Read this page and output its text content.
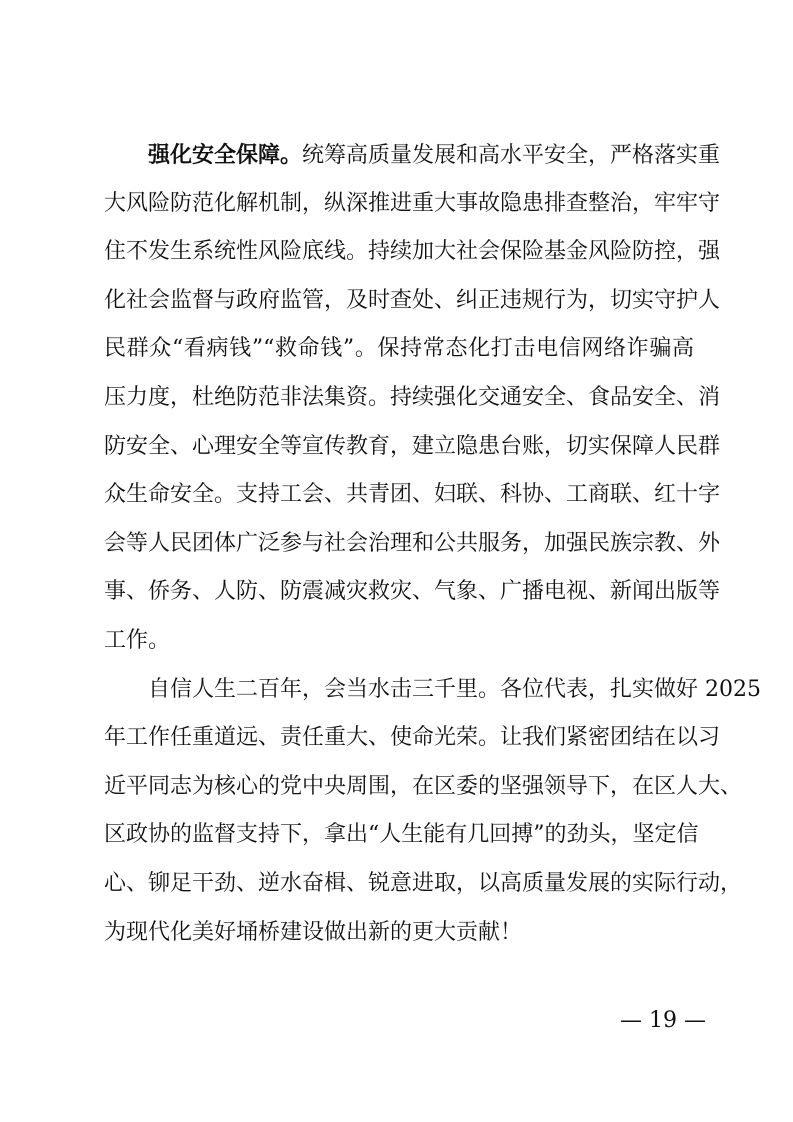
强化安全保障。统筹高质量发展和高水平安全，严格落实重
大风险防范化解机制，纵深推进重大事故隐患排查整治，牢牢守
住不发生系统性风险底线。持续加大社会保险基金风险防控，强
化社会监督与政府监管，及时查处、纠正违规行为，切实守护人
民群众“看病钱”“救命钱”。保持常态化打击电信网络诈骗高
压力度，杜绝防范非法集资。持续强化交通安全、食品安全、消
防安全、心理安全等宣传教育，建立隐患台账，切实保障人民群
众生命安全。支持工会、共青团、妇联、科协、工商联、红十字
会等人民团体广泛参与社会治理和公共服务，加强民族宗教、外
事、侨务、人防、防震减灾救灾、气象、广播电视、新闻出版等
工作。
自信人生二百年，会当水击三千里。各位代表，扎实做好 2025
年工作任重道远、责任重大、使命光荣。让我们紧密团结在以习
近平同志为核心的党中央周围，在区委的坚强领导下，在区人大、
区政协的监督支持下，拿出“人生能有几回搏”的劲头，坚定信
心、铆足干劲、逆水奋楫、锐意进取，以高质量发展的实际行动，
为现代化美好埇桥建设做出新的更大贡献！
— 19 —
